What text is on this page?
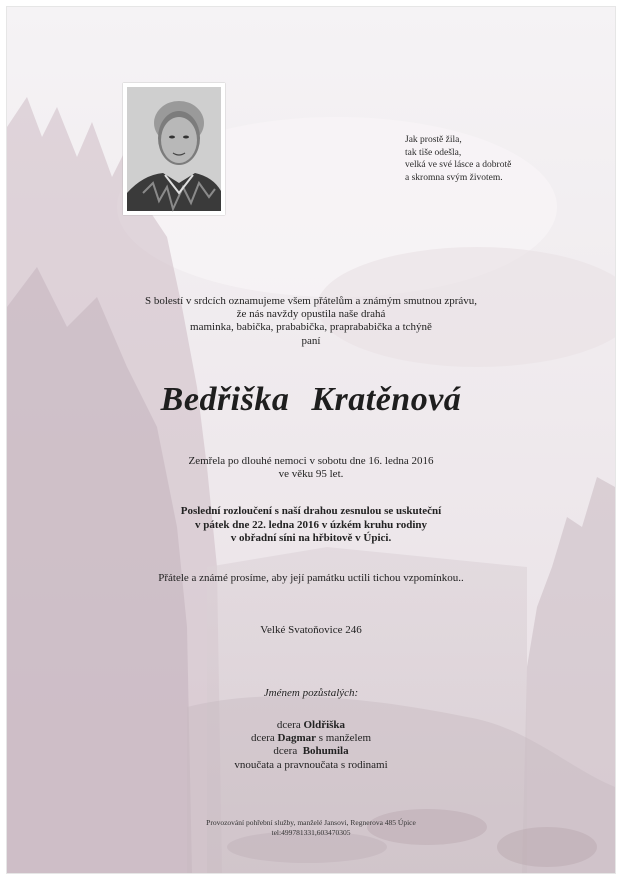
Jak prostě žila,
tak tiše odešla,
velká ve své lásce a dobrotě
a skromna svým životem.
S bolestí v srdcích oznamujeme všem přátelům a známým smutnou zprávu,
že nás navždy opustila naše drahá
maminka, babička, prababička, praprababička a tchýně
paní
Bedřiška Kratěnová
Zemřela po dlouhé nemoci v sobotu dne 16. ledna 2016
ve věku 95 let.
Poslední rozloučení s naší drahou zesnulou se uskuteční
v pátek dne 22. ledna 2016 v úzkém kruhu rodiny
v obřadní síni na hřbitově v Úpici.
Přátele a známé prosíme, aby její památku uctili tichou vzpomínkou..
Velké Svatoňovice 246
Jménem pozůstalých:
dcera Oldřiška
dcera Dagmar s manželem
dcera Bohumila
vnoučata a pravnoučata s rodinami
Provozování pohřební služby, manželé Jansovi, Regnerova 485 Úpice
tel:499781331,603470305
